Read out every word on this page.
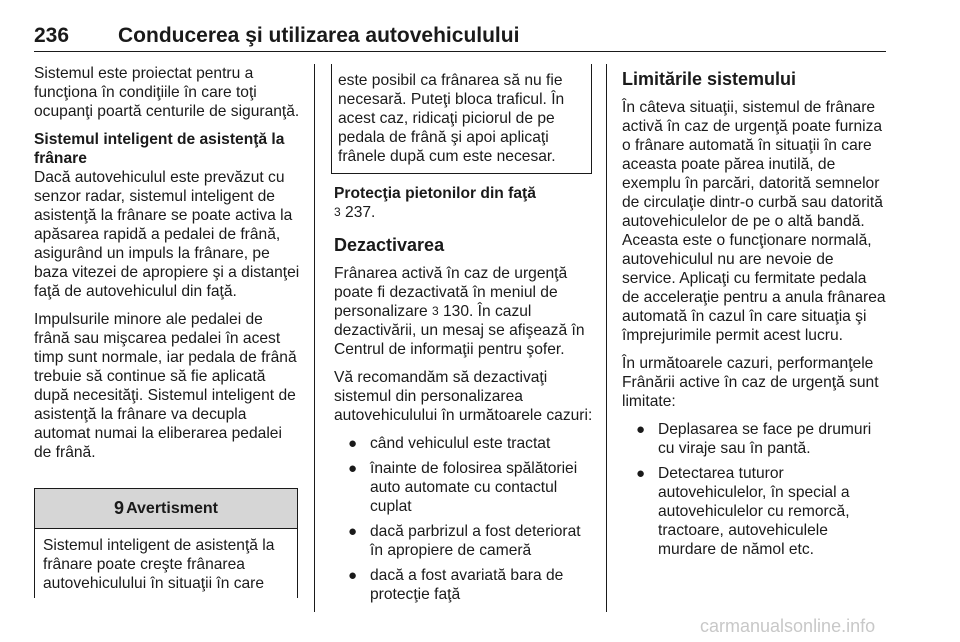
236 Conducerea şi utilizarea autovehiculului

Sistemul este proiectat pentru a funcţiona în condiţiile în care toţi ocupanţi poartă centurile de siguranţă.

Sistemul inteligent de asistenţă la frânare

Dacă autovehiculul este prevăzut cu senzor radar, sistemul inteligent de asistenţă la frânare se poate activa la apăsarea rapidă a pedalei de frână, asigurând un impuls la frânare, pe baza vitezei de apropiere şi a distanţei faţă de autovehiculul din faţă.

Impulsurile minore ale pedalei de frână sau mişcarea pedalei în acest timp sunt normale, iar pedala de frână trebuie să continue să fie aplicată după necesităţi. Sistemul inteligent de asistenţă la frânare va decupla automat numai la eliberarea pedalei de frână.

9 Avertisment
Sistemul inteligent de asistenţă la frânare poate creşte frânarea autovehiculului în situaţii în care
este posibil ca frânarea să nu fie necesară. Puteţi bloca traficul. În acest caz, ridicaţi piciorul de pe pedala de frână şi apoi aplicaţi frânele după cum este necesar.
Protecţia pietonilor din faţă

3 237.

Dezactivarea

Frânarea activă în caz de urgenţă poate fi dezactivată în meniul de personalizare 3 130. În cazul dezactivării, un mesaj se afişează în Centrul de informaţii pentru şofer.

Vă recomandăm să dezactivaţi sistemul din personalizarea autovehiculului în următoarele cazuri:

● când vehiculul este tractat
● înainte de folosirea spălătoriei auto automate cu contactul cuplat
● dacă parbrizul a fost deteriorat în apropiere de cameră
● dacă a fost avariată bara de protecţie faţă
Limitările sistemului

În câteva situaţii, sistemul de frânare activă în caz de urgenţă poate furniza o frânare automată în situaţii în care aceasta poate părea inutilă, de exemplu în parcări, datorită semnelor de circulaţie dintr-o curbă sau datorită autovehiculelor de pe o altă bandă. Aceasta este o funcţionare normală, autovehiculul nu are nevoie de service. Aplicaţi cu fermitate pedala de acceleraţie pentru a anula frânarea automată în cazul în care situaţia şi împrejurimile permit acest lucru.

În următoarele cazuri, performanţele Frânării active în caz de urgenţă sunt limitate:

● Deplasarea se face pe drumuri cu viraje sau în pantă.
● Detectarea tuturor autovehiculelor, în special a autovehiculelor cu remorcă, tractoare, autovehiculele murdare de nămol etc.
carmanualsonline.info
